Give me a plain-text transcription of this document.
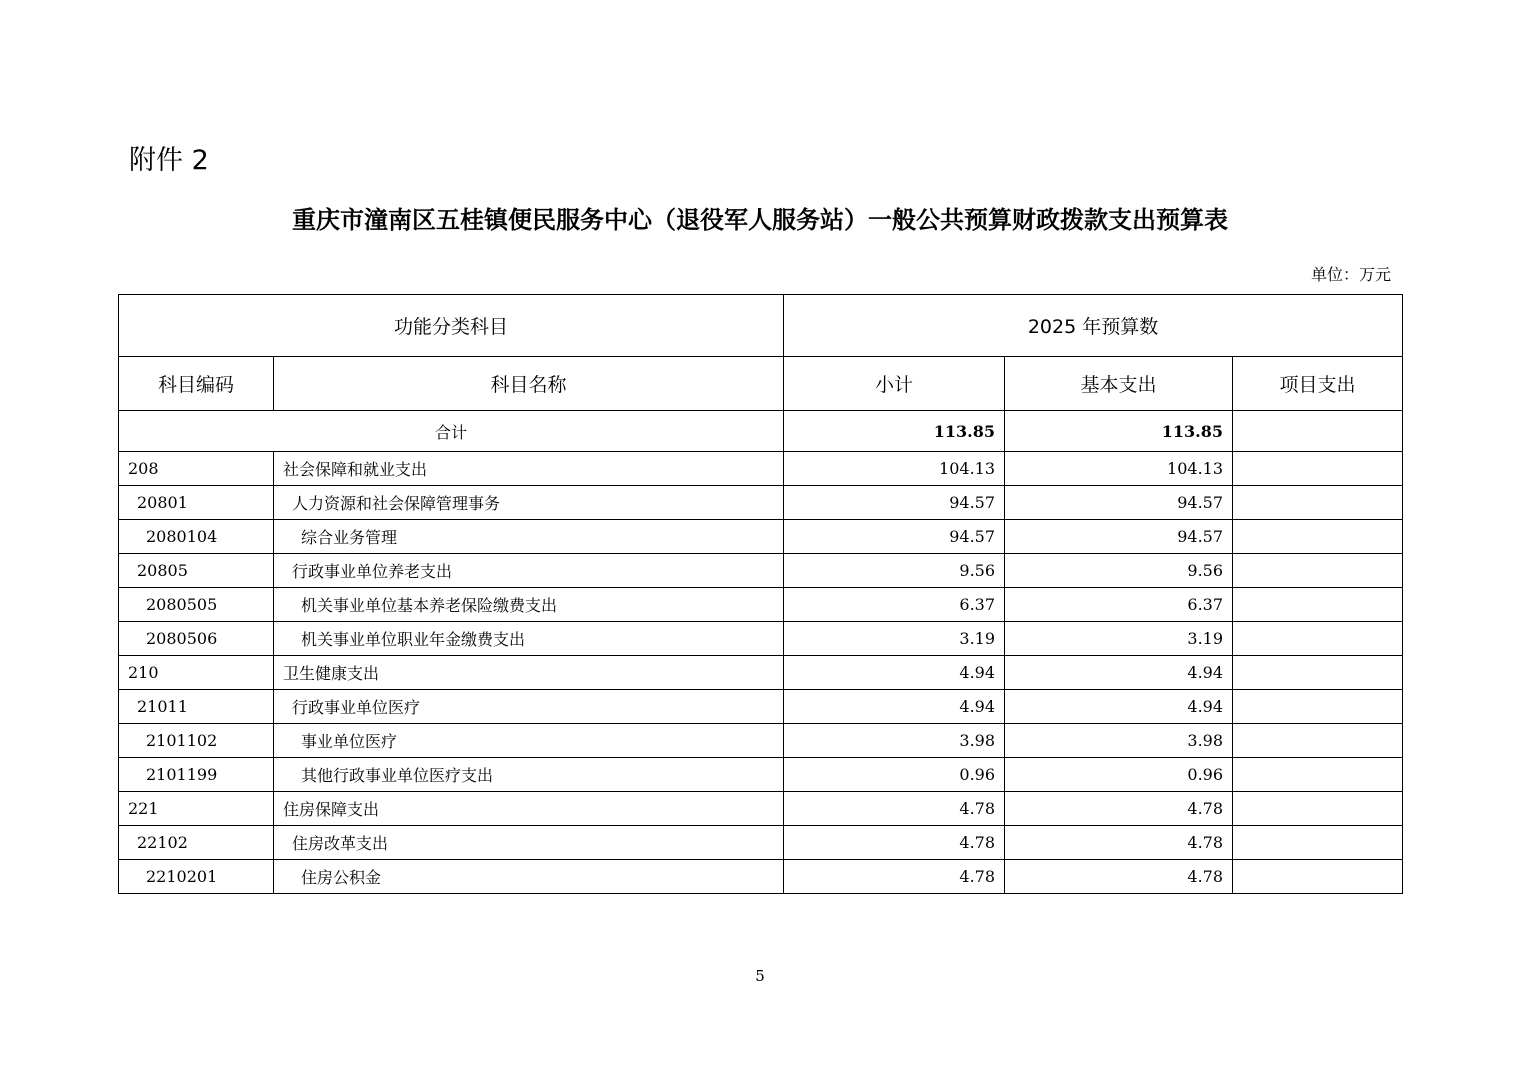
附件 2
重庆市潼南区五桂镇便民服务中心（退役军人服务站）一般公共预算财政拨款支出预算表
单位：万元
功能分类科目		2025 年预算数		
科目编码	科目名称	小计	基本支出	项目支出
合计		113.85	113.85	
208	社会保障和就业支出	104.13	104.13	
20801	人力资源和社会保障管理事务	94.57	94.57	
2080104	综合业务管理	94.57	94.57	
20805	行政事业单位养老支出	9.56	9.56	
2080505	机关事业单位基本养老保险缴费支出	6.37	6.37	
2080506	机关事业单位职业年金缴费支出	3.19	3.19	
210	卫生健康支出	4.94	4.94	
21011	行政事业单位医疗	4.94	4.94	
2101102	事业单位医疗	3.98	3.98	
2101199	其他行政事业单位医疗支出	0.96	0.96	
221	住房保障支出	4.78	4.78	
22102	住房改革支出	4.78	4.78	
2210201	住房公积金	4.78	4.78	
5
